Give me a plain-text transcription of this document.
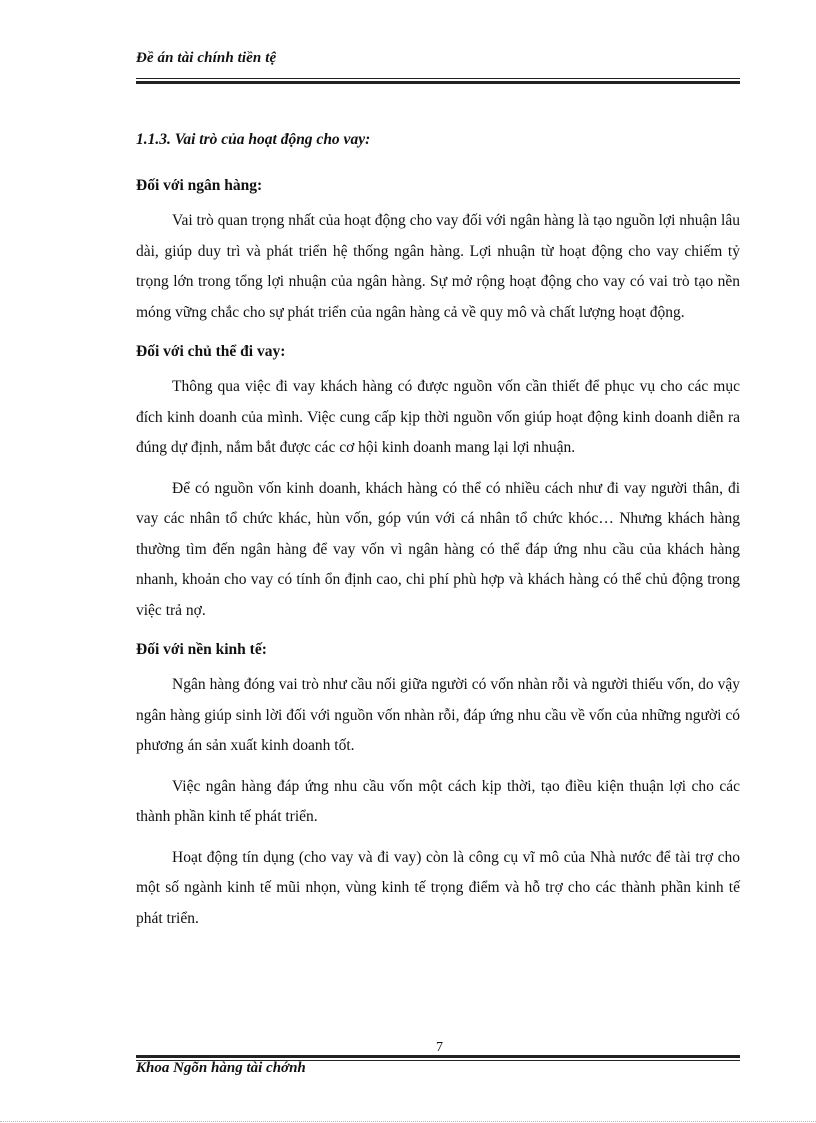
Đề án tài chính tiền tệ
1.1.3. Vai trò của hoạt động cho vay:
Đối với ngân hàng:

Vai trò quan trọng nhất của hoạt động cho vay đối với ngân hàng là tạo nguồn lợi nhuận lâu dài, giúp duy trì và phát triển hệ thống ngân hàng. Lợi nhuận từ hoạt động cho vay chiếm tỷ trọng lớn trong tổng lợi nhuận của ngân hàng. Sự mở rộng hoạt động cho vay có vai trò tạo nền móng vững chắc cho sự phát triển của ngân hàng cả về quy mô và chất lượng hoạt động.

Đối với chủ thể đi vay:

Thông qua việc đi vay khách hàng có được nguồn vốn cần thiết để phục vụ cho các mục đích kinh doanh của mình. Việc cung cấp kịp thời nguồn vốn giúp hoạt động kinh doanh diễn ra đúng dự định, nắm bắt được các cơ hội kinh doanh mang lại lợi nhuận.

Để có nguồn vốn kinh doanh, khách hàng có thể có nhiều cách như đi vay người thân, đi vay các nhân tổ chức khác, hùn vốn, góp vún với cá nhân tổ chức khóc… Nhưng khách hàng thường tìm đến ngân hàng để vay vốn vì ngân hàng có thể đáp ứng nhu cầu của khách hàng nhanh, khoản cho vay có tính ổn định cao, chi phí phù hợp và khách hàng có thể chủ động trong việc trả nợ.

Đối với nền kinh tế:

Ngân hàng đóng vai trò như cầu nối giữa người có vốn nhàn rỗi và người thiếu vốn, do vậy ngân hàng giúp sinh lời đối với nguồn vốn nhàn rỗi, đáp ứng nhu cầu về vốn của những người có phương án sản xuất kinh doanh tốt.

Việc ngân hàng đáp ứng nhu cầu vốn một cách kịp thời, tạo điều kiện thuận lợi cho các thành phần kinh tế phát triển.

Hoạt động tín dụng (cho vay và đi vay) còn là công cụ vĩ mô của Nhà nước để tài trợ cho một số ngành kinh tế mũi nhọn, vùng kinh tế trọng điểm và hỗ trợ cho các thành phần kinh tế phát triển.

7
Khoa Ngõn hàng tài chớnh
